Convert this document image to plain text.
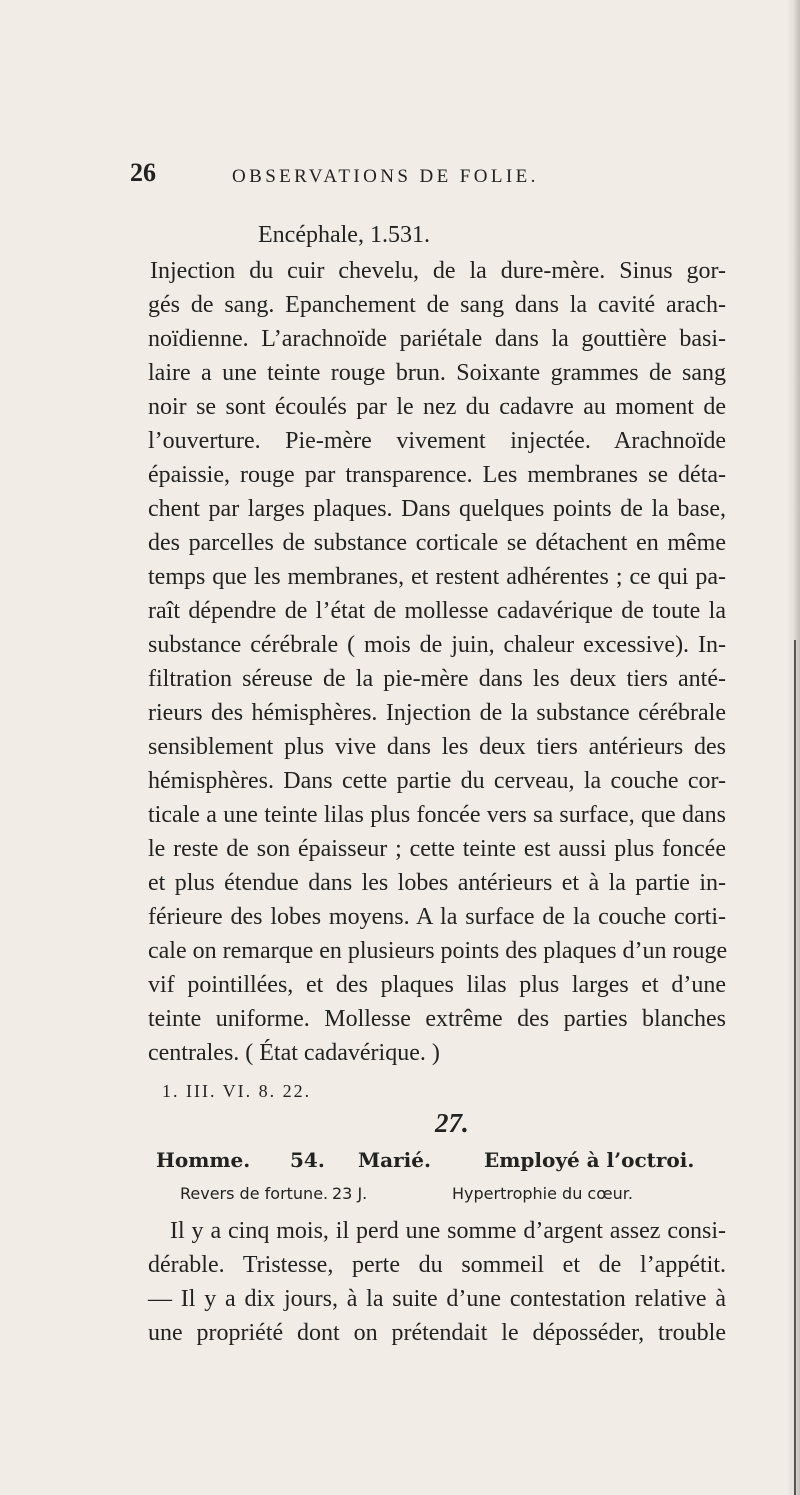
26	OBSERVATIONS DE FOLIE.
Encéphale, 1.531.
Injection du cuir chevelu, de la dure-mère. Sinus gor-
gés de sang. Epanchement de sang dans la cavité arach-
noïdienne. L’arachnoïde pariétale dans la gouttière basi-
laire a une teinte rouge brun. Soixante grammes de sang
noir se sont écoulés par le nez du cadavre au moment de
l’ouverture. Pie-mère vivement injectée. Arachnoïde
épaissie, rouge par transparence. Les membranes se déta-
chent par larges plaques. Dans quelques points de la base,
des parcelles de substance corticale se détachent en même
temps que les membranes, et restent adhérentes ; ce qui pa-
raît dépendre de l’état de mollesse cadavérique de toute la
substance cérébrale ( mois de juin, chaleur excessive). In-
filtration séreuse de la pie-mère dans les deux tiers anté-
rieurs des hémisphères. Injection de la substance cérébrale
sensiblement plus vive dans les deux tiers antérieurs des
hémisphères. Dans cette partie du cerveau, la couche cor-
ticale a une teinte lilas plus foncée vers sa surface, que dans
le reste de son épaisseur ; cette teinte est aussi plus foncée
et plus étendue dans les lobes antérieurs et à la partie in-
férieure des lobes moyens. A la surface de la couche corti-
cale on remarque en plusieurs points des plaques d’un rouge
vif pointillées, et des plaques lilas plus larges et d’une
teinte uniforme. Mollesse extrême des parties blanches
centrales. ( État cadavérique. )
1. III. VI. 8. 22.
27.
Homme. 54. Marié.	Employé à l’octroi.
Revers de fortune. 23 J.	Hypertrophie du cœur.
Il y a cinq mois, il perd une somme d’argent assez consi-
dérable. Tristesse, perte du sommeil et de l’appétit.
— Il y a dix jours, à la suite d’une contestation relative à
une propriété dont on prétendait le déposséder, trouble
